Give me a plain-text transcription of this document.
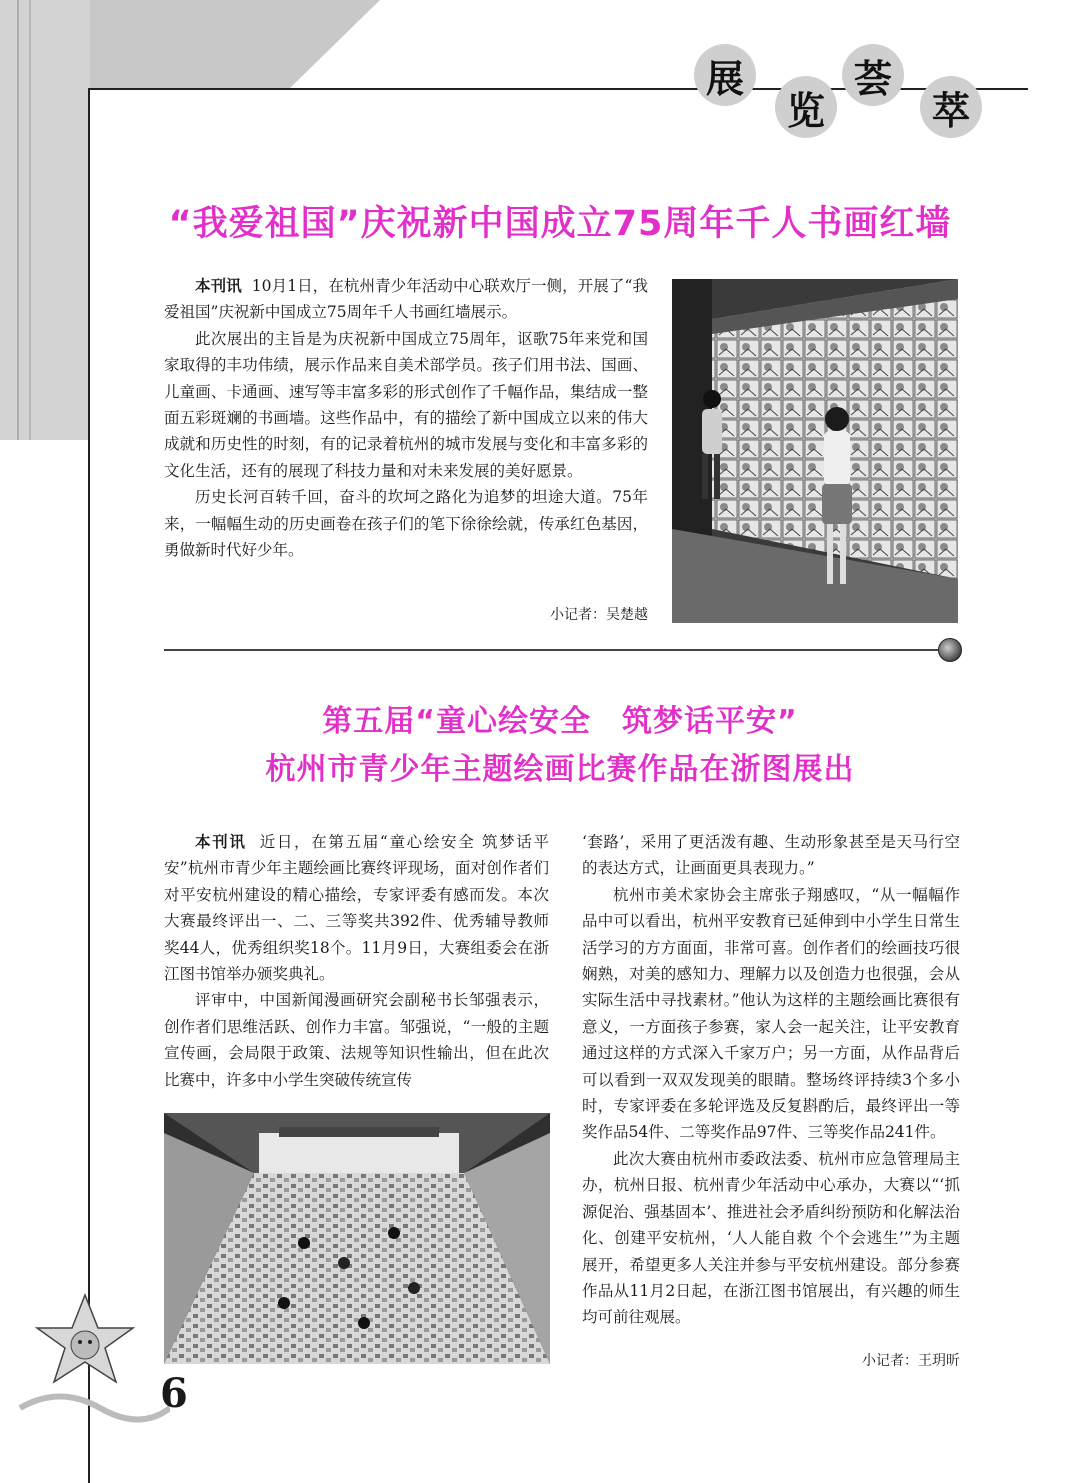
展
览
荟
萃
“我爱祖国”庆祝新中国成立75周年千人书画红墙

本刊讯 10月1日，在杭州青少年活动中心联欢厅一侧，开展了“我爱祖国”庆祝新中国成立75周年千人书画红墙展示。

此次展出的主旨是为庆祝新中国成立75周年，讴歌75年来党和国家取得的丰功伟绩，展示作品来自美术部学员。孩子们用书法、国画、儿童画、卡通画、速写等丰富多彩的形式创作了千幅作品，集结成一整面五彩斑斓的书画墙。这些作品中，有的描绘了新中国成立以来的伟大成就和历史性的时刻，有的记录着杭州的城市发展与变化和丰富多彩的文化生活，还有的展现了科技力量和对未来发展的美好愿景。

历史长河百转千回，奋斗的坎坷之路化为追梦的坦途大道。75年来，一幅幅生动的历史画卷在孩子们的笔下徐徐绘就，传承红色基因，勇做新时代好少年。

小记者：吴楚越
第五届“童心绘安全　筑梦话平安”
杭州市青少年主题绘画比赛作品在浙图展出

本刊讯 近日，在第五届“童心绘安全 筑梦话平安”杭州市青少年主题绘画比赛终评现场，面对创作者们对平安杭州建设的精心描绘，专家评委有感而发。本次大赛最终评出一、二、三等奖共392件、优秀辅导教师奖44人，优秀组织奖18个。11月9日，大赛组委会在浙江图书馆举办颁奖典礼。

评审中，中国新闻漫画研究会副秘书长邹强表示，创作者们思维活跃、创作力丰富。邹强说，“一般的主题宣传画，会局限于政策、法规等知识性输出，但在此次比赛中，许多中小学生突破传统宣传

‘套路’，采用了更活泼有趣、生动形象甚至是天马行空的表达方式，让画面更具表现力。”

杭州市美术家协会主席张子翔感叹，“从一幅幅作品中可以看出，杭州平安教育已延伸到中小学生日常生活学习的方方面面，非常可喜。创作者们的绘画技巧很娴熟，对美的感知力、理解力以及创造力也很强，会从实际生活中寻找素材。”他认为这样的主题绘画比赛很有意义，一方面孩子参赛，家人会一起关注，让平安教育通过这样的方式深入千家万户；另一方面，从作品背后可以看到一双双发现美的眼睛。整场终评持续3个多小时，专家评委在多轮评选及反复斟酌后，最终评出一等奖作品54件、二等奖作品97件、三等奖作品241件。

此次大赛由杭州市委政法委、杭州市应急管理局主办，杭州日报、杭州青少年活动中心承办，大赛以“‘抓源促治、强基固本’、推进社会矛盾纠纷预防和化解法治化、创建平安杭州，‘人人能自救 个个会逃生’”为主题展开，希望更多人关注并参与平安杭州建设。部分参赛作品从11月2日起，在浙江图书馆展出，有兴趣的师生均可前往观展。

小记者：王玥昕
6
